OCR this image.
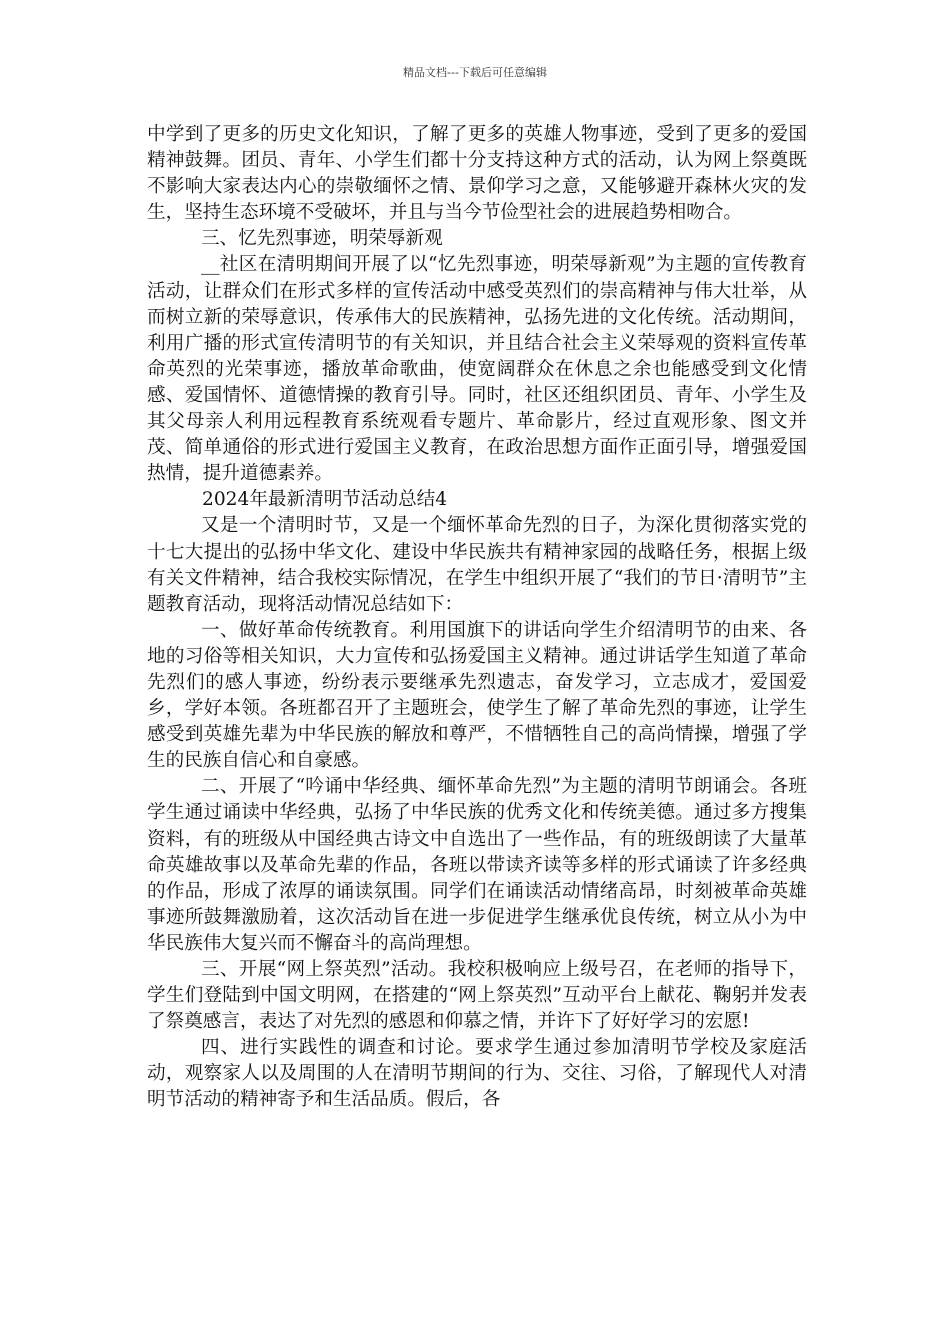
精品文档---下载后可任意编辑

中学到了更多的历史文化知识，了解了更多的英雄人物事迹，受到了更多的爱国精神鼓舞。团员、青年、小学生们都十分支持这种方式的活动，认为网上祭奠既不影响大家表达内心的崇敬缅怀之情、景仰学习之意，又能够避开森林火灾的发生，坚持生态环境不受破坏，并且与当今节俭型社会的进展趋势相吻合。

三、忆先烈事迹，明荣辱新观

__社区在清明期间开展了以“忆先烈事迹，明荣辱新观”为主题的宣传教育活动，让群众们在形式多样的宣传活动中感受英烈们的崇高精神与伟大壮举，从而树立新的荣辱意识，传承伟大的民族精神，弘扬先进的文化传统。活动期间，利用广播的形式宣传清明节的有关知识，并且结合社会主义荣辱观的资料宣传革命英烈的光荣事迹，播放革命歌曲，使宽阔群众在休息之余也能感受到文化情感、爱国情怀、道德情操的教育引导。同时，社区还组织团员、青年、小学生及其父母亲人利用远程教育系统观看专题片、革命影片，经过直观形象、图文并茂、简单通俗的形式进行爱国主义教育，在政治思想方面作正面引导，增强爱国热情，提升道德素养。

2024年最新清明节活动总结4

又是一个清明时节，又是一个缅怀革命先烈的日子，为深化贯彻落实党的十七大提出的弘扬中华文化、建设中华民族共有精神家园的战略任务，根据上级有关文件精神，结合我校实际情况，在学生中组织开展了“我们的节日·清明节”主题教育活动，现将活动情况总结如下：

一、做好革命传统教育。利用国旗下的讲话向学生介绍清明节的由来、各地的习俗等相关知识，大力宣传和弘扬爱国主义精神。通过讲话学生知道了革命先烈们的感人事迹，纷纷表示要继承先烈遗志，奋发学习，立志成才，爱国爱乡，学好本领。各班都召开了主题班会，使学生了解了革命先烈的事迹，让学生感受到英雄先辈为中华民族的解放和尊严，不惜牺牲自己的高尚情操，增强了学生的民族自信心和自豪感。

二、开展了“吟诵中华经典、缅怀革命先烈”为主题的清明节朗诵会。各班学生通过诵读中华经典，弘扬了中华民族的优秀文化和传统美德。通过多方搜集资料，有的班级从中国经典古诗文中自选出了一些作品，有的班级朗读了大量革命英雄故事以及革命先辈的作品，各班以带读齐读等多样的形式诵读了许多经典的作品，形成了浓厚的诵读氛围。同学们在诵读活动情绪高昂，时刻被革命英雄事迹所鼓舞激励着，这次活动旨在进一步促进学生继承优良传统，树立从小为中华民族伟大复兴而不懈奋斗的高尚理想。

三、开展“网上祭英烈”活动。我校积极响应上级号召，在老师的指导下，学生们登陆到中国文明网，在搭建的“网上祭英烈”互动平台上献花、鞠躬并发表了祭奠感言，表达了对先烈的感恩和仰慕之情，并许下了好好学习的宏愿!

四、进行实践性的调查和讨论。要求学生通过参加清明节学校及家庭活动，观察家人以及周围的人在清明节期间的行为、交往、习俗，了解现代人对清明节活动的精神寄予和生活品质。假后，各
